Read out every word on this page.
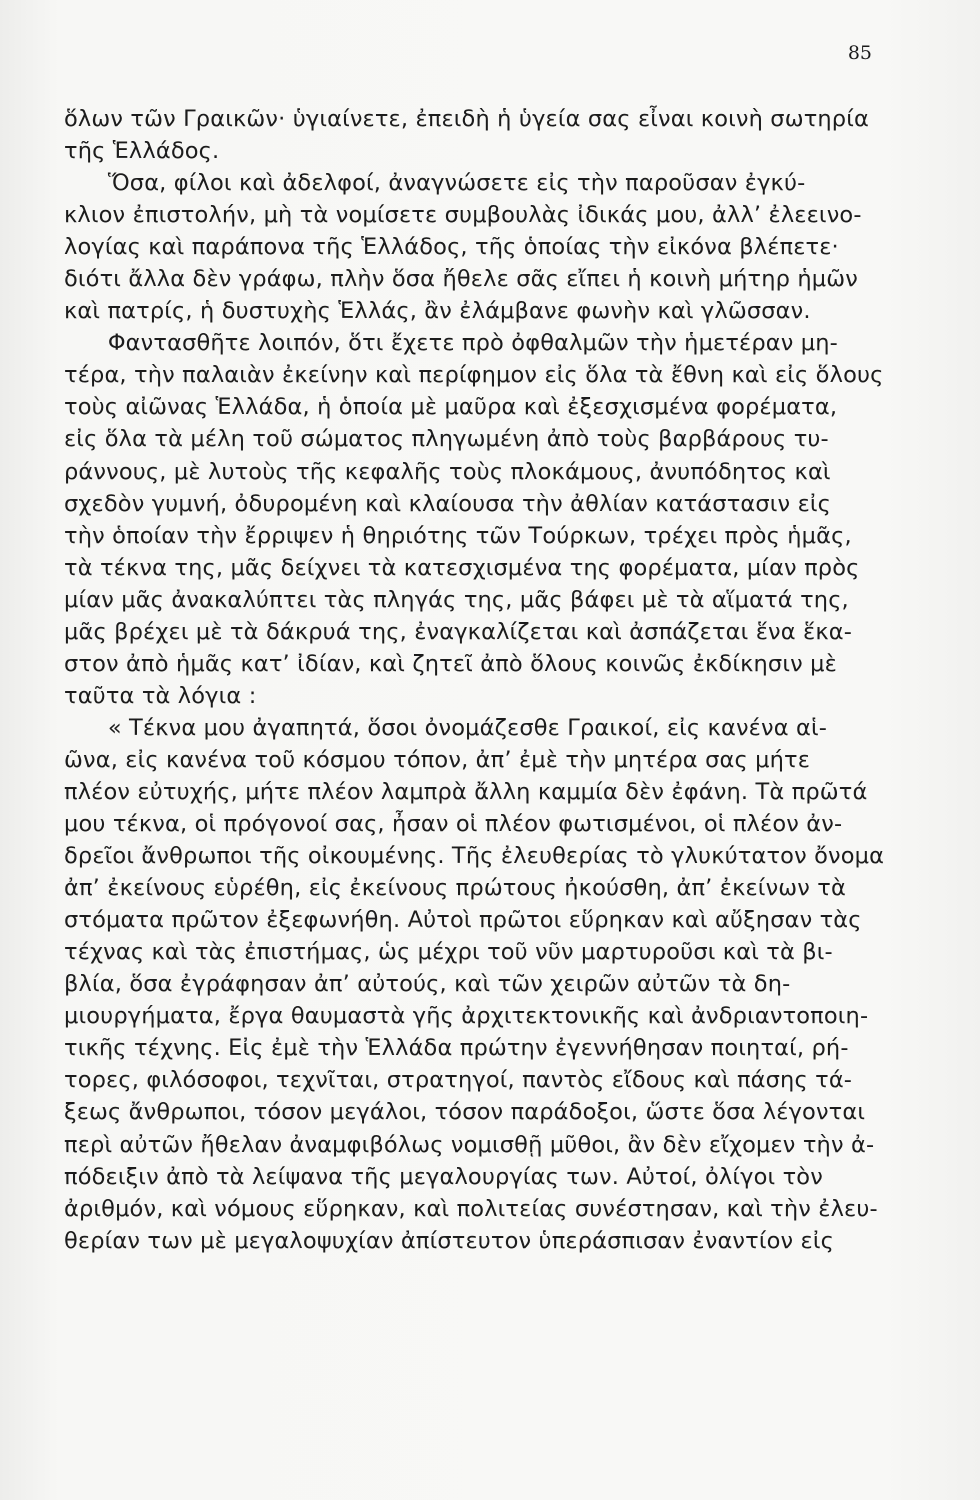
85
ὅλων τῶν Γραικῶν· ὑγιαίνετε, ἐπειδὴ ἡ ὑγεία σας εἶναι κοινὴ σωτηρία
τῆς Ἑλλάδος.
Ὅσα, φίλοι καὶ ἀδελφοί, ἀναγνώσετε εἰς τὴν παροῦσαν ἐγκύ-
κλιον ἐπιστολήν, μὴ τὰ νομίσετε συμβουλὰς ἰδικάς μου, ἀλλ’ ἐλεεινο-
λογίας καὶ παράπονα τῆς Ἑλλάδος, τῆς ὁποίας τὴν εἰκόνα βλέπετε·
διότι ἄλλα δὲν γράφω, πλὴν ὅσα ἤθελε σᾶς εἴπει ἡ κοινὴ μήτηρ ἡμῶν
καὶ πατρίς, ἡ δυστυχὴς Ἑλλάς, ἂν ἐλάμβανε φωνὴν καὶ γλῶσσαν.
Φαντασθῆτε λοιπόν, ὅτι ἔχετε πρὸ ὀφθαλμῶν τὴν ἡμετέραν μη-
τέρα, τὴν παλαιὰν ἐκείνην καὶ περίφημον εἰς ὅλα τὰ ἔθνη καὶ εἰς ὅλους
τοὺς αἰῶνας Ἑλλάδα, ἡ ὁποία μὲ μαῦρα καὶ ἐξεσχισμένα φορέματα,
εἰς ὅλα τὰ μέλη τοῦ σώματος πληγωμένη ἀπὸ τοὺς βαρβάρους τυ-
ράννους, μὲ λυτοὺς τῆς κεφαλῆς τοὺς πλοκάμους, ἀνυπόδητος καὶ
σχεδὸν γυμνή, ὀδυρομένη καὶ κλαίουσα τὴν ἀθλίαν κατάστασιν εἰς
τὴν ὁποίαν τὴν ἔρριψεν ἡ θηριότης τῶν Τούρκων, τρέχει πρὸς ἡμᾶς,
τὰ τέκνα της, μᾶς δείχνει τὰ κατεσχισμένα της φορέματα, μίαν πρὸς
μίαν μᾶς ἀνακαλύπτει τὰς πληγάς της, μᾶς βάφει μὲ τὰ αἵματά της,
μᾶς βρέχει μὲ τὰ δάκρυά της, ἐναγκαλίζεται καὶ ἀσπάζεται ἕνα ἕκα-
στον ἀπὸ ἡμᾶς κατ’ ἰδίαν, καὶ ζητεῖ ἀπὸ ὅλους κοινῶς ἐκδίκησιν μὲ
ταῦτα τὰ λόγια :
« Τέκνα μου ἀγαπητά, ὅσοι ὀνομάζεσθε Γραικοί, εἰς κανένα αἱ-
ῶνα, εἰς κανένα τοῦ κόσμου τόπον, ἀπ’ ἐμὲ τὴν μητέρα σας μήτε
πλέον εὐτυχής, μήτε πλέον λαμπρὰ ἄλλη καμμία δὲν ἐφάνη. Τὰ πρῶτά
μου τέκνα, οἱ πρόγονοί σας, ἦσαν οἱ πλέον φωτισμένοι, οἱ πλέον ἀν-
δρεῖοι ἄνθρωποι τῆς οἰκουμένης. Τῆς ἐλευθερίας τὸ γλυκύτατον ὄνομα
ἀπ’ ἐκείνους εὑρέθη, εἰς ἐκείνους πρώτους ἠκούσθη, ἀπ’ ἐκείνων τὰ
στόματα πρῶτον ἐξεφωνήθη. Αὐτοὶ πρῶτοι εὕρηκαν καὶ αὔξησαν τὰς
τέχνας καὶ τὰς ἐπιστήμας, ὡς μέχρι τοῦ νῦν μαρτυροῦσι καὶ τὰ βι-
βλία, ὅσα ἐγράφησαν ἀπ’ αὐτούς, καὶ τῶν χειρῶν αὐτῶν τὰ δη-
μιουργήματα, ἔργα θαυμαστὰ γῆς ἀρχιτεκτονικῆς καὶ ἀνδριαντοποιη-
τικῆς τέχνης. Εἰς ἐμὲ τὴν Ἑλλάδα πρώτην ἐγεννήθησαν ποιηταί, ρή-
τορες, φιλόσοφοι, τεχνῖται, στρατηγοί, παντὸς εἴδους καὶ πάσης τά-
ξεως ἄνθρωποι, τόσον μεγάλοι, τόσον παράδοξοι, ὥστε ὅσα λέγονται
περὶ αὐτῶν ἤθελαν ἀναμφιβόλως νομισθῇ μῦθοι, ἂν δὲν εἴχομεν τὴν ἀ-
πόδειξιν ἀπὸ τὰ λείψανα τῆς μεγαλουργίας των. Αὐτοί, ὀλίγοι τὸν
ἀριθμόν, καὶ νόμους εὕρηκαν, καὶ πολιτείας συνέστησαν, καὶ τὴν ἐλευ-
θερίαν των μὲ μεγαλοψυχίαν ἀπίστευτον ὑπεράσπισαν ἐναντίον εἰς
